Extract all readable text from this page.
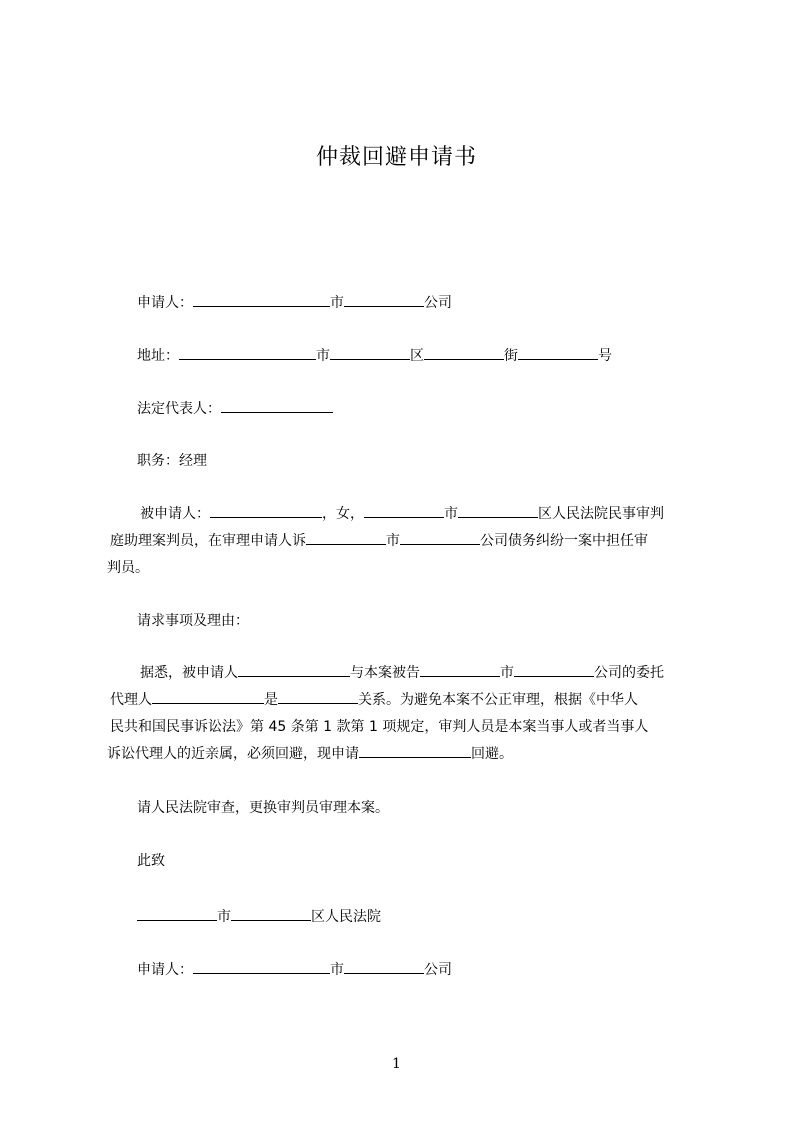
仲裁回避申请书
申请人：	市	公司
地址：	市	区	街	号
法定代表人：
职务：经理
被申请人：	，女，	市	区人民法院民事审判
庭助理案判员，在审理申请人诉	市	公司债务纠纷一案中担任审
判员。
请求事项及理由：
据悉，被申请人	与本案被告	市	公司的委托
代理人	是	关系。为避免本案不公正审理，根据《中华人
民共和国民事诉讼法》第 45 条第 1 款第 1 项规定，审判人员是本案当事人或者当事人
诉讼代理人的近亲属，必须回避，现申请	回避。
请人民法院审查，更换审判员审理本案。
此致
市	区人民法院
申请人：	市	公司
1
